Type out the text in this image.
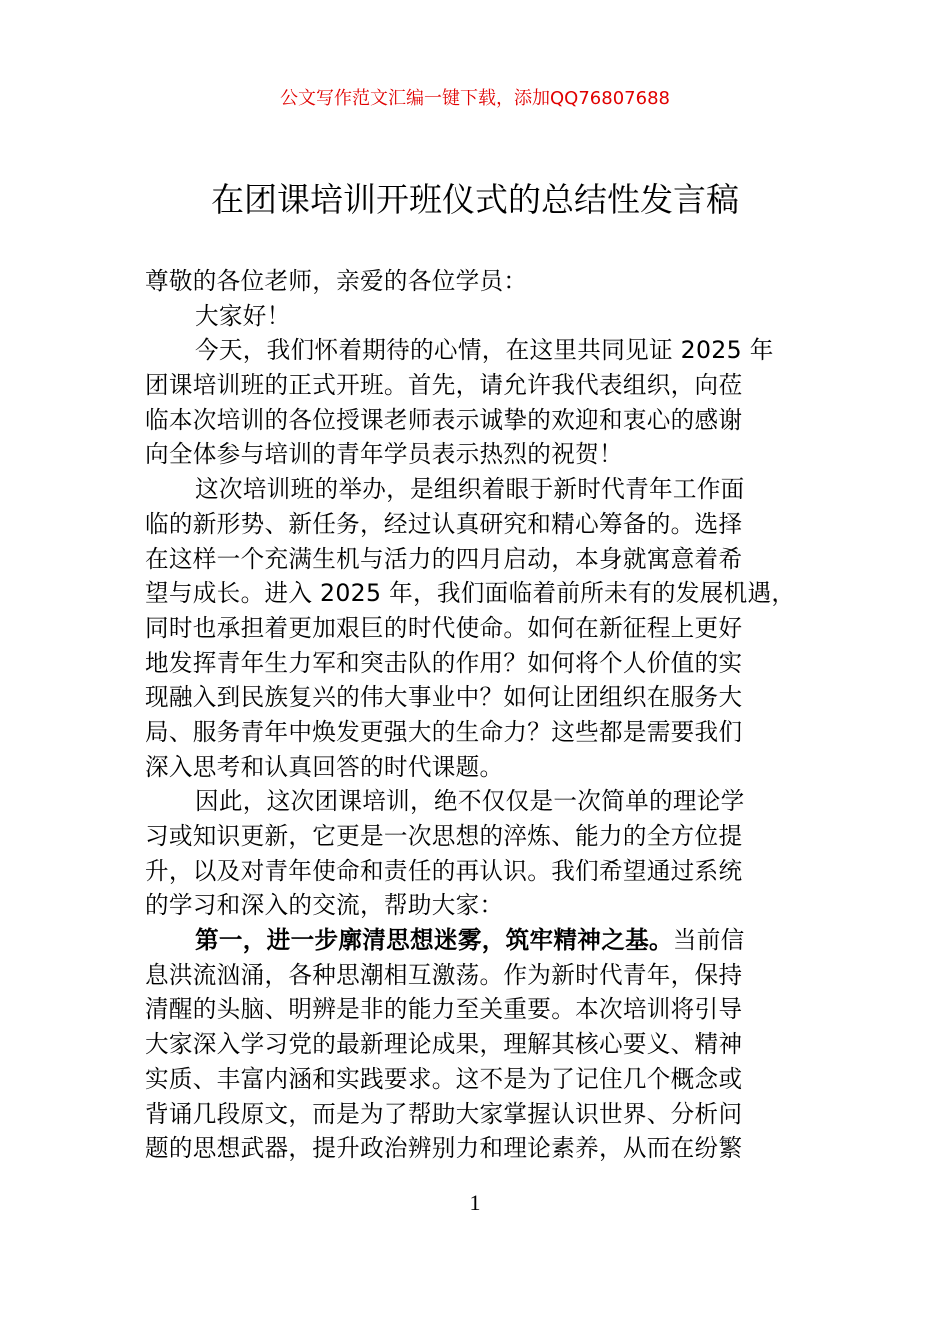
公文写作范文汇编一键下载，添加QQ76807688
在团课培训开班仪式的总结性发言稿
尊敬的各位老师，亲爱的各位学员：
大家好！
今天，我们怀着期待的心情，在这里共同见证 2025 年
团课培训班的正式开班。首先，请允许我代表组织，向莅
临本次培训的各位授课老师表示诚挚的欢迎和衷心的感谢
向全体参与培训的青年学员表示热烈的祝贺！
这次培训班的举办，是组织着眼于新时代青年工作面
临的新形势、新任务，经过认真研究和精心筹备的。选择
在这样一个充满生机与活力的四月启动，本身就寓意着希
望与成长。进入 2025 年，我们面临着前所未有的发展机遇，
同时也承担着更加艰巨的时代使命。如何在新征程上更好
地发挥青年生力军和突击队的作用？如何将个人价值的实
现融入到民族复兴的伟大事业中？如何让团组织在服务大
局、服务青年中焕发更强大的生命力？这些都是需要我们
深入思考和认真回答的时代课题。
因此，这次团课培训，绝不仅仅是一次简单的理论学
习或知识更新，它更是一次思想的淬炼、能力的全方位提
升，以及对青年使命和责任的再认识。我们希望通过系统
的学习和深入的交流，帮助大家：
第一，进一步廓清思想迷雾，筑牢精神之基。当前信
息洪流汹涌，各种思潮相互激荡。作为新时代青年，保持
清醒的头脑、明辨是非的能力至关重要。本次培训将引导
大家深入学习党的最新理论成果，理解其核心要义、精神
实质、丰富内涵和实践要求。这不是为了记住几个概念或
背诵几段原文，而是为了帮助大家掌握认识世界、分析问
题的思想武器，提升政治辨别力和理论素养，从而在纷繁
1
